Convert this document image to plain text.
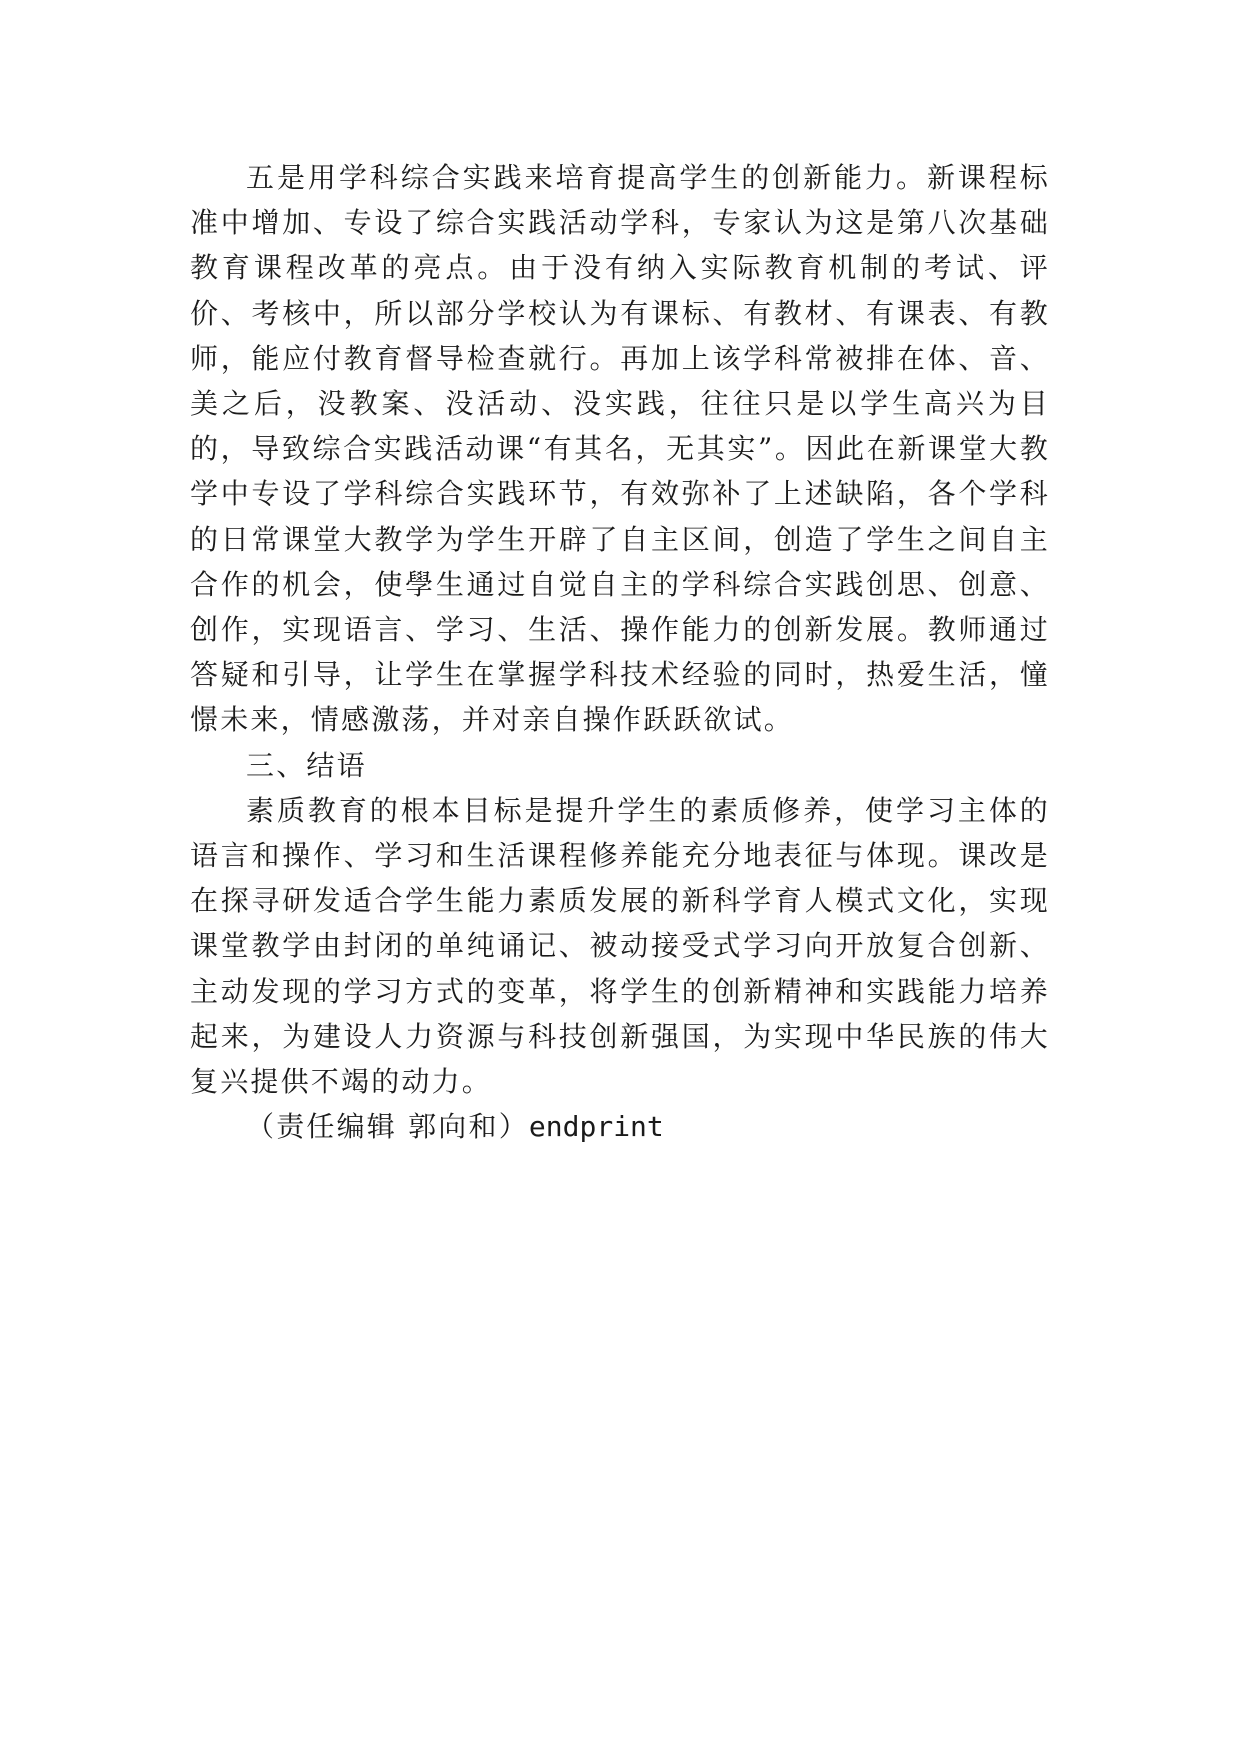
五是用学科综合实践来培育提高学生的创新能力。新课程标准中增加、专设了综合实践活动学科，专家认为这是第八次基础教育课程改革的亮点。由于没有纳入实际教育机制的考试、评价、考核中，所以部分学校认为有课标、有教材、有课表、有教师，能应付教育督导检查就行。再加上该学科常被排在体、音、美之后，没教案、没活动、没实践，往往只是以学生高兴为目的，导致综合实践活动课“有其名，无其实”。因此在新课堂大教学中专设了学科综合实践环节，有效弥补了上述缺陷，各个学科的日常课堂大教学为学生开辟了自主区间，创造了学生之间自主合作的机会，使學生通过自觉自主的学科综合实践创思、创意、创作，实现语言、学习、生活、操作能力的创新发展。教师通过答疑和引导，让学生在掌握学科技术经验的同时，热爱生活，憧憬未来，情感激荡，并对亲自操作跃跃欲试。

三、结语

素质教育的根本目标是提升学生的素质修养，使学习主体的语言和操作、学习和生活课程修养能充分地表征与体现。课改是在探寻研发适合学生能力素质发展的新科学育人模式文化，实现课堂教学由封闭的单纯诵记、被动接受式学习向开放复合创新、主动发现的学习方式的变革，将学生的创新精神和实践能力培养起来，为建设人力资源与科技创新强国，为实现中华民族的伟大复兴提供不竭的动力。

（责任编辑 郭向和）endprint
